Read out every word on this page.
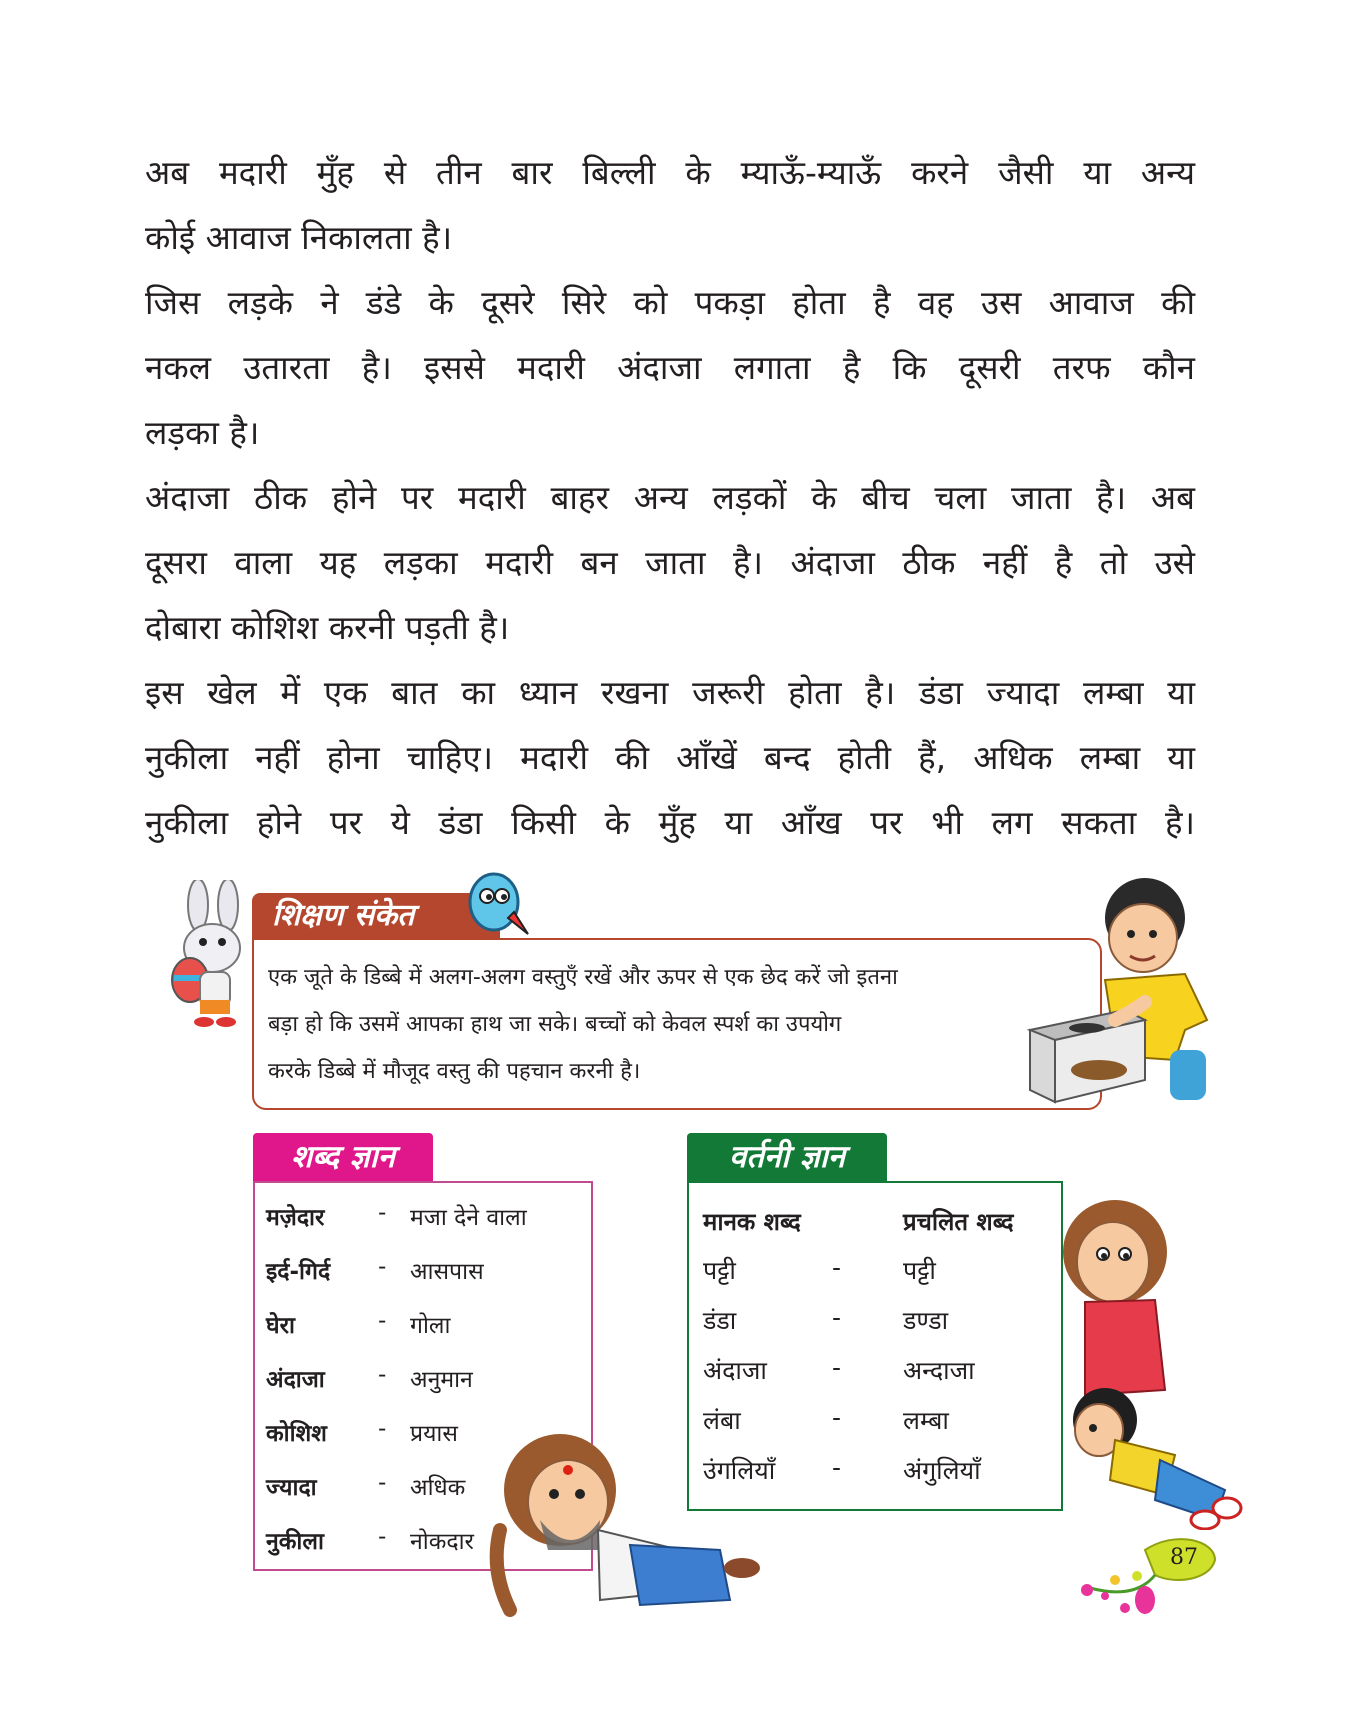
अब मदारी मुँह से तीन बार बिल्ली के म्याऊँ-म्याऊँ करने जैसी या अन्य

कोई आवाज निकालता है।

जिस लड़के ने डंडे के दूसरे सिरे को पकड़ा होता है वह उस आवाज की

नकल उतारता है। इससे मदारी अंदाजा लगाता है कि दूसरी तरफ कौन

लड़का है।

अंदाजा ठीक होने पर मदारी बाहर अन्य लड़कों के बीच चला जाता है। अब

दूसरा वाला यह लड़का मदारी बन जाता है। अंदाजा ठीक नहीं है तो उसे

दोबारा कोशिश करनी पड़ती है।

इस खेल में एक बात का ध्यान रखना जरूरी होता है। डंडा ज्यादा लम्बा या

नुकीला नहीं होना चाहिए। मदारी की आँखें बन्द होती हैं, अधिक लम्बा या

नुकीला होने पर ये डंडा किसी के मुँह या आँख पर भी लग सकता है।

शिक्षण संकेत
एक जूते के डिब्बे में अलग-अलग वस्तुएँ रखें और ऊपर से एक छेद करें जो इतना
बड़ा हो कि उसमें आपका हाथ जा सके। बच्चों को केवल स्पर्श का उपयोग
करके डिब्बे में मौजूद वस्तु की पहचान करनी है।
शब्द ज्ञान
मज़ेदार - मजा देने वाला
इर्द-गिर्द - आसपास
घेरा	- गोला
अंदाजा - अनुमान
कोशिश - प्रयास
ज्यादा	- अधिक
नुकीला - नोकदार
वर्तनी ज्ञान
मानक शब्द	प्रचलित शब्द
पट्टी	- पट्टी
डंडा	- डण्डा
अंदाजा	- अन्दाजा
लंबा	- लम्बा
उंगलियाँ - अंगुलियाँ
87
